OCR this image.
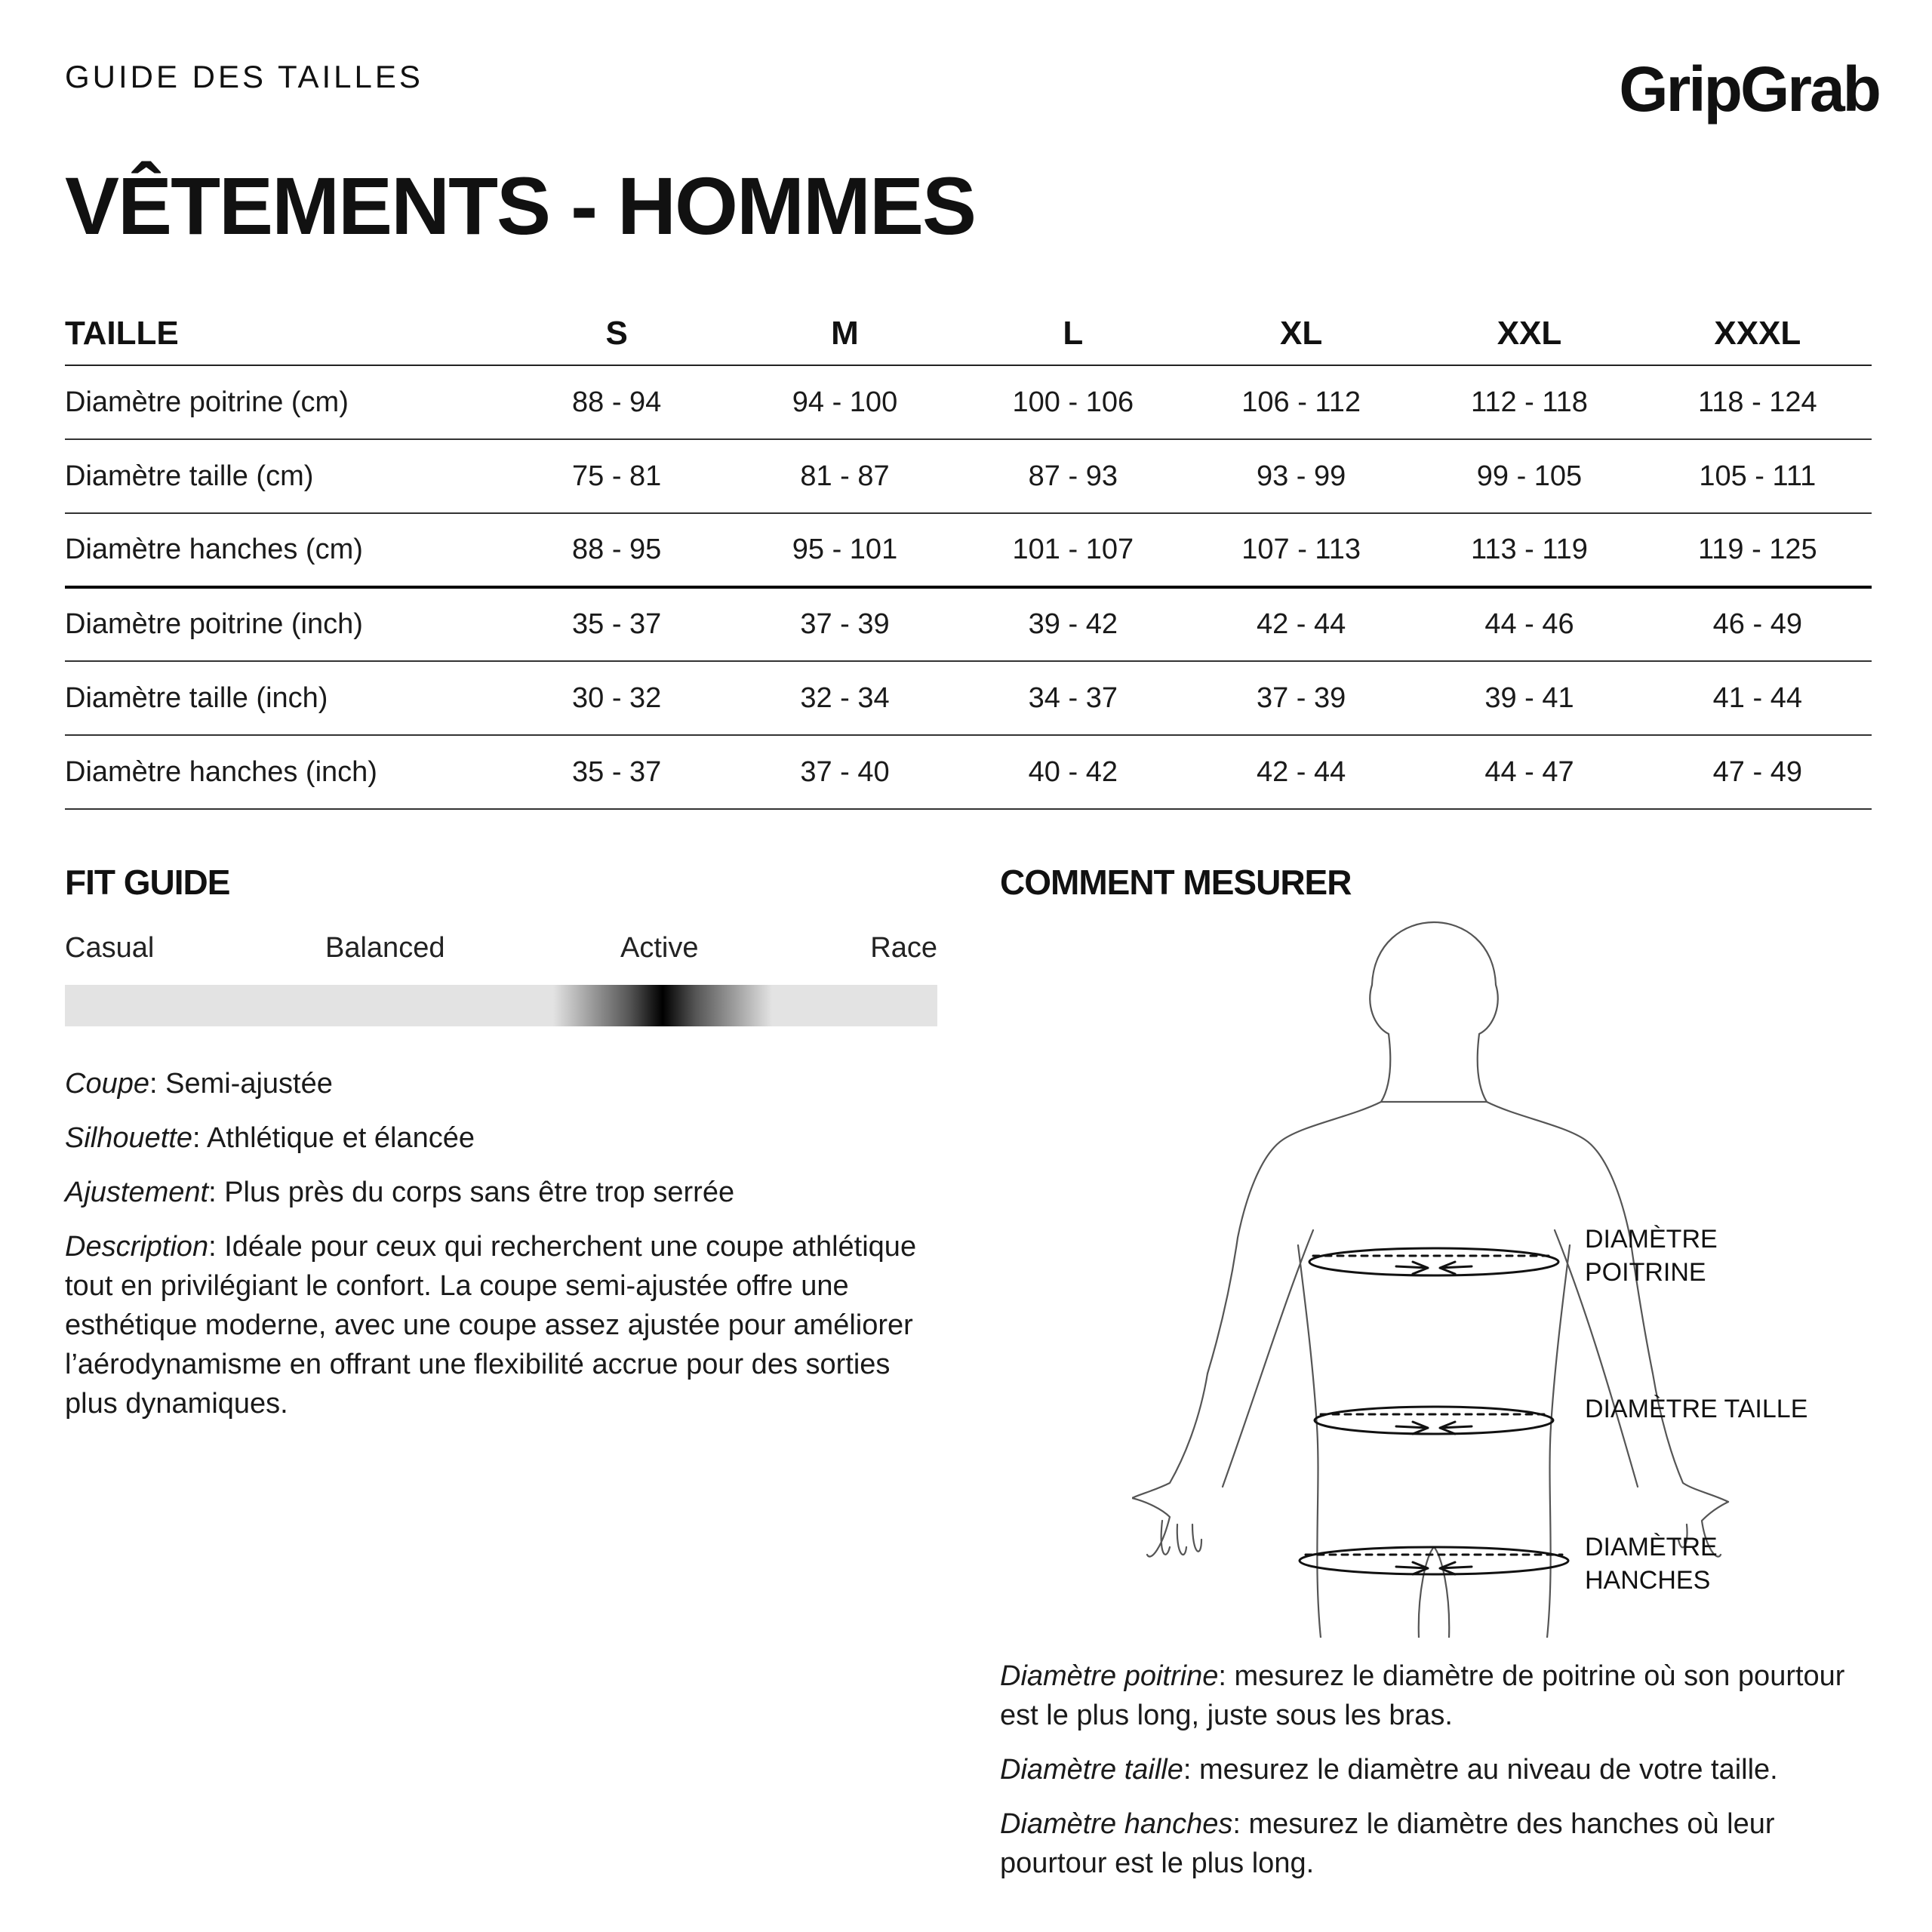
GUIDE DES TAILLES	GripGrab
VÊTEMENTS - HOMMES
TAILLE	S	M	L	XL	XXL	XXXL
Diamètre poitrine (cm)	88 - 94	94 - 100	100 - 106	106 - 112	112 - 118	118 - 124
Diamètre taille (cm)	75 - 81	81 - 87	87 - 93	93 - 99	99 - 105	105 - 111
Diamètre hanches (cm)	88 - 95	95 - 101	101 - 107	107 - 113	113 - 119	119 - 125
Diamètre poitrine (inch)	35 - 37	37 - 39	39 - 42	42 - 44	44 - 46	46 - 49
Diamètre taille (inch)	30 - 32	32 - 34	34 - 37	37 - 39	39 - 41	41 - 44
Diamètre hanches (inch)	35 - 37	37 - 40	40 - 42	42 - 44	44 - 47	47 - 49
FIT GUIDE
Casual	Balanced	Active	Race

Coupe: Semi-ajustée

Silhouette: Athlétique et élancée

Ajustement: Plus près du corps sans être trop serrée

Description: Idéale pour ceux qui recherchent une coupe athlétique tout en privilégiant le confort. La coupe semi-ajustée offre une esthétique moderne, avec une coupe assez ajustée pour améliorer l’aérodynamisme en offrant une flexibilité accrue pour des sorties plus dynamiques.

COMMENT MESURER
DIAMÈTRE
POITRINE
DIAMÈTRE TAILLE
DIAMÈTRE
HANCHES

Diamètre poitrine: mesurez le diamètre de poitrine où son pourtour est le plus long, juste sous les bras.

Diamètre taille: mesurez le diamètre au niveau de votre taille.

Diamètre hanches: mesurez le diamètre des hanches où leur pourtour est le plus long.
